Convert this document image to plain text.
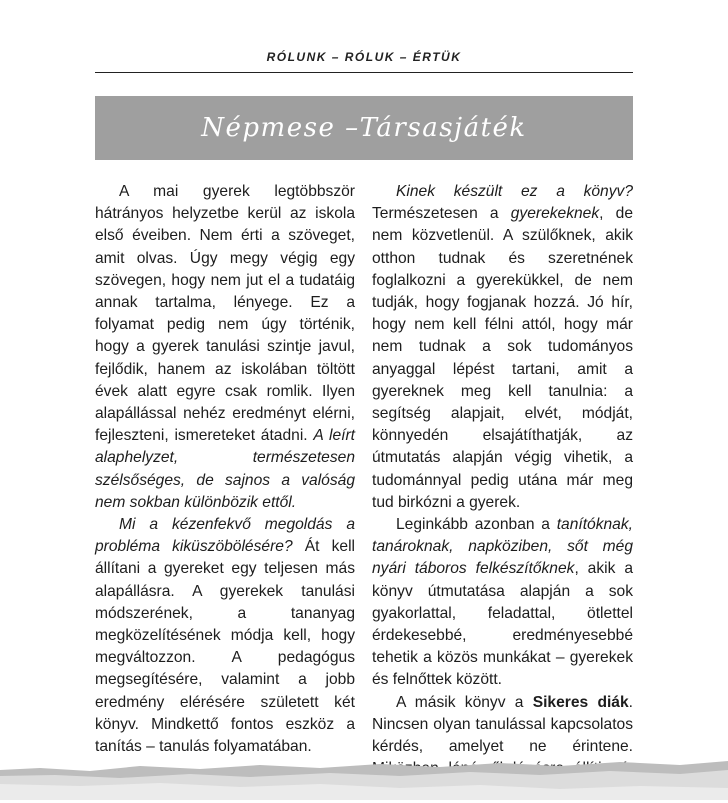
RÓLUNK – RÓLUK – ÉRTÜK
Népmese –Társasjáték

A mai gyerek legtöbbször hátrányos helyzetbe kerül az iskola első éveiben. Nem érti a szöveget, amit olvas. Úgy megy végig egy szövegen, hogy nem jut el a tudatáig annak tartalma, lényege. Ez a folyamat pedig nem úgy történik, hogy a gyerek tanulási szintje javul, fejlődik, hanem az iskolában töltött évek alatt egyre csak romlik. Ilyen alapállással nehéz eredményt elérni, fejleszteni, ismereteket átadni. A leírt alaphelyzet, természetesen szélsőséges, de sajnos a valóság nem sokban különbözik ettől.

Mi a kézenfekvő megoldás a probléma kiküszöbölésére? Át kell állítani a gyereket egy teljesen más alapállásra. A gyerekek tanulási módszerének, a tananyag megközelítésének módja kell, hogy megváltozzon. A pedagógus megsegítésére, valamint a jobb eredmény elérésére született két könyv. Mindkettő fontos eszköz a tanítás – tanulás folyamatában.

Kinek készült ez a könyv? Természetesen a gyerekeknek, de nem közvetlenül. A szülőknek, akik otthon tudnak és szeretnének foglalkozni a gyerekükkel, de nem tudják, hogy fogjanak hozzá. Jó hír, hogy nem kell félni attól, hogy már nem tudnak a sok tudományos anyaggal lépést tartani, amit a gyereknek meg kell tanulnia: a segítség alapjait, elvét, módját, könnyedén elsajátíthatják, az útmutatás alapján végig vihetik, a tudománnyal pedig utána már meg tud birkózni a gyerek.

Leginkább azonban a tanítóknak, tanároknak, napköziben, sőt még nyári táboros felkészítőknek, akik a könyv útmutatása alapján a sok gyakorlattal, feladattal, ötlettel érdekesebbé, eredményesebbé tehetik a közös munkákat – gyerekek és felnőttek között.

A másik könyv a Sikeres diák. Nincsen olyan tanulással kapcsolatos kérdés, amelyet ne érintene.
